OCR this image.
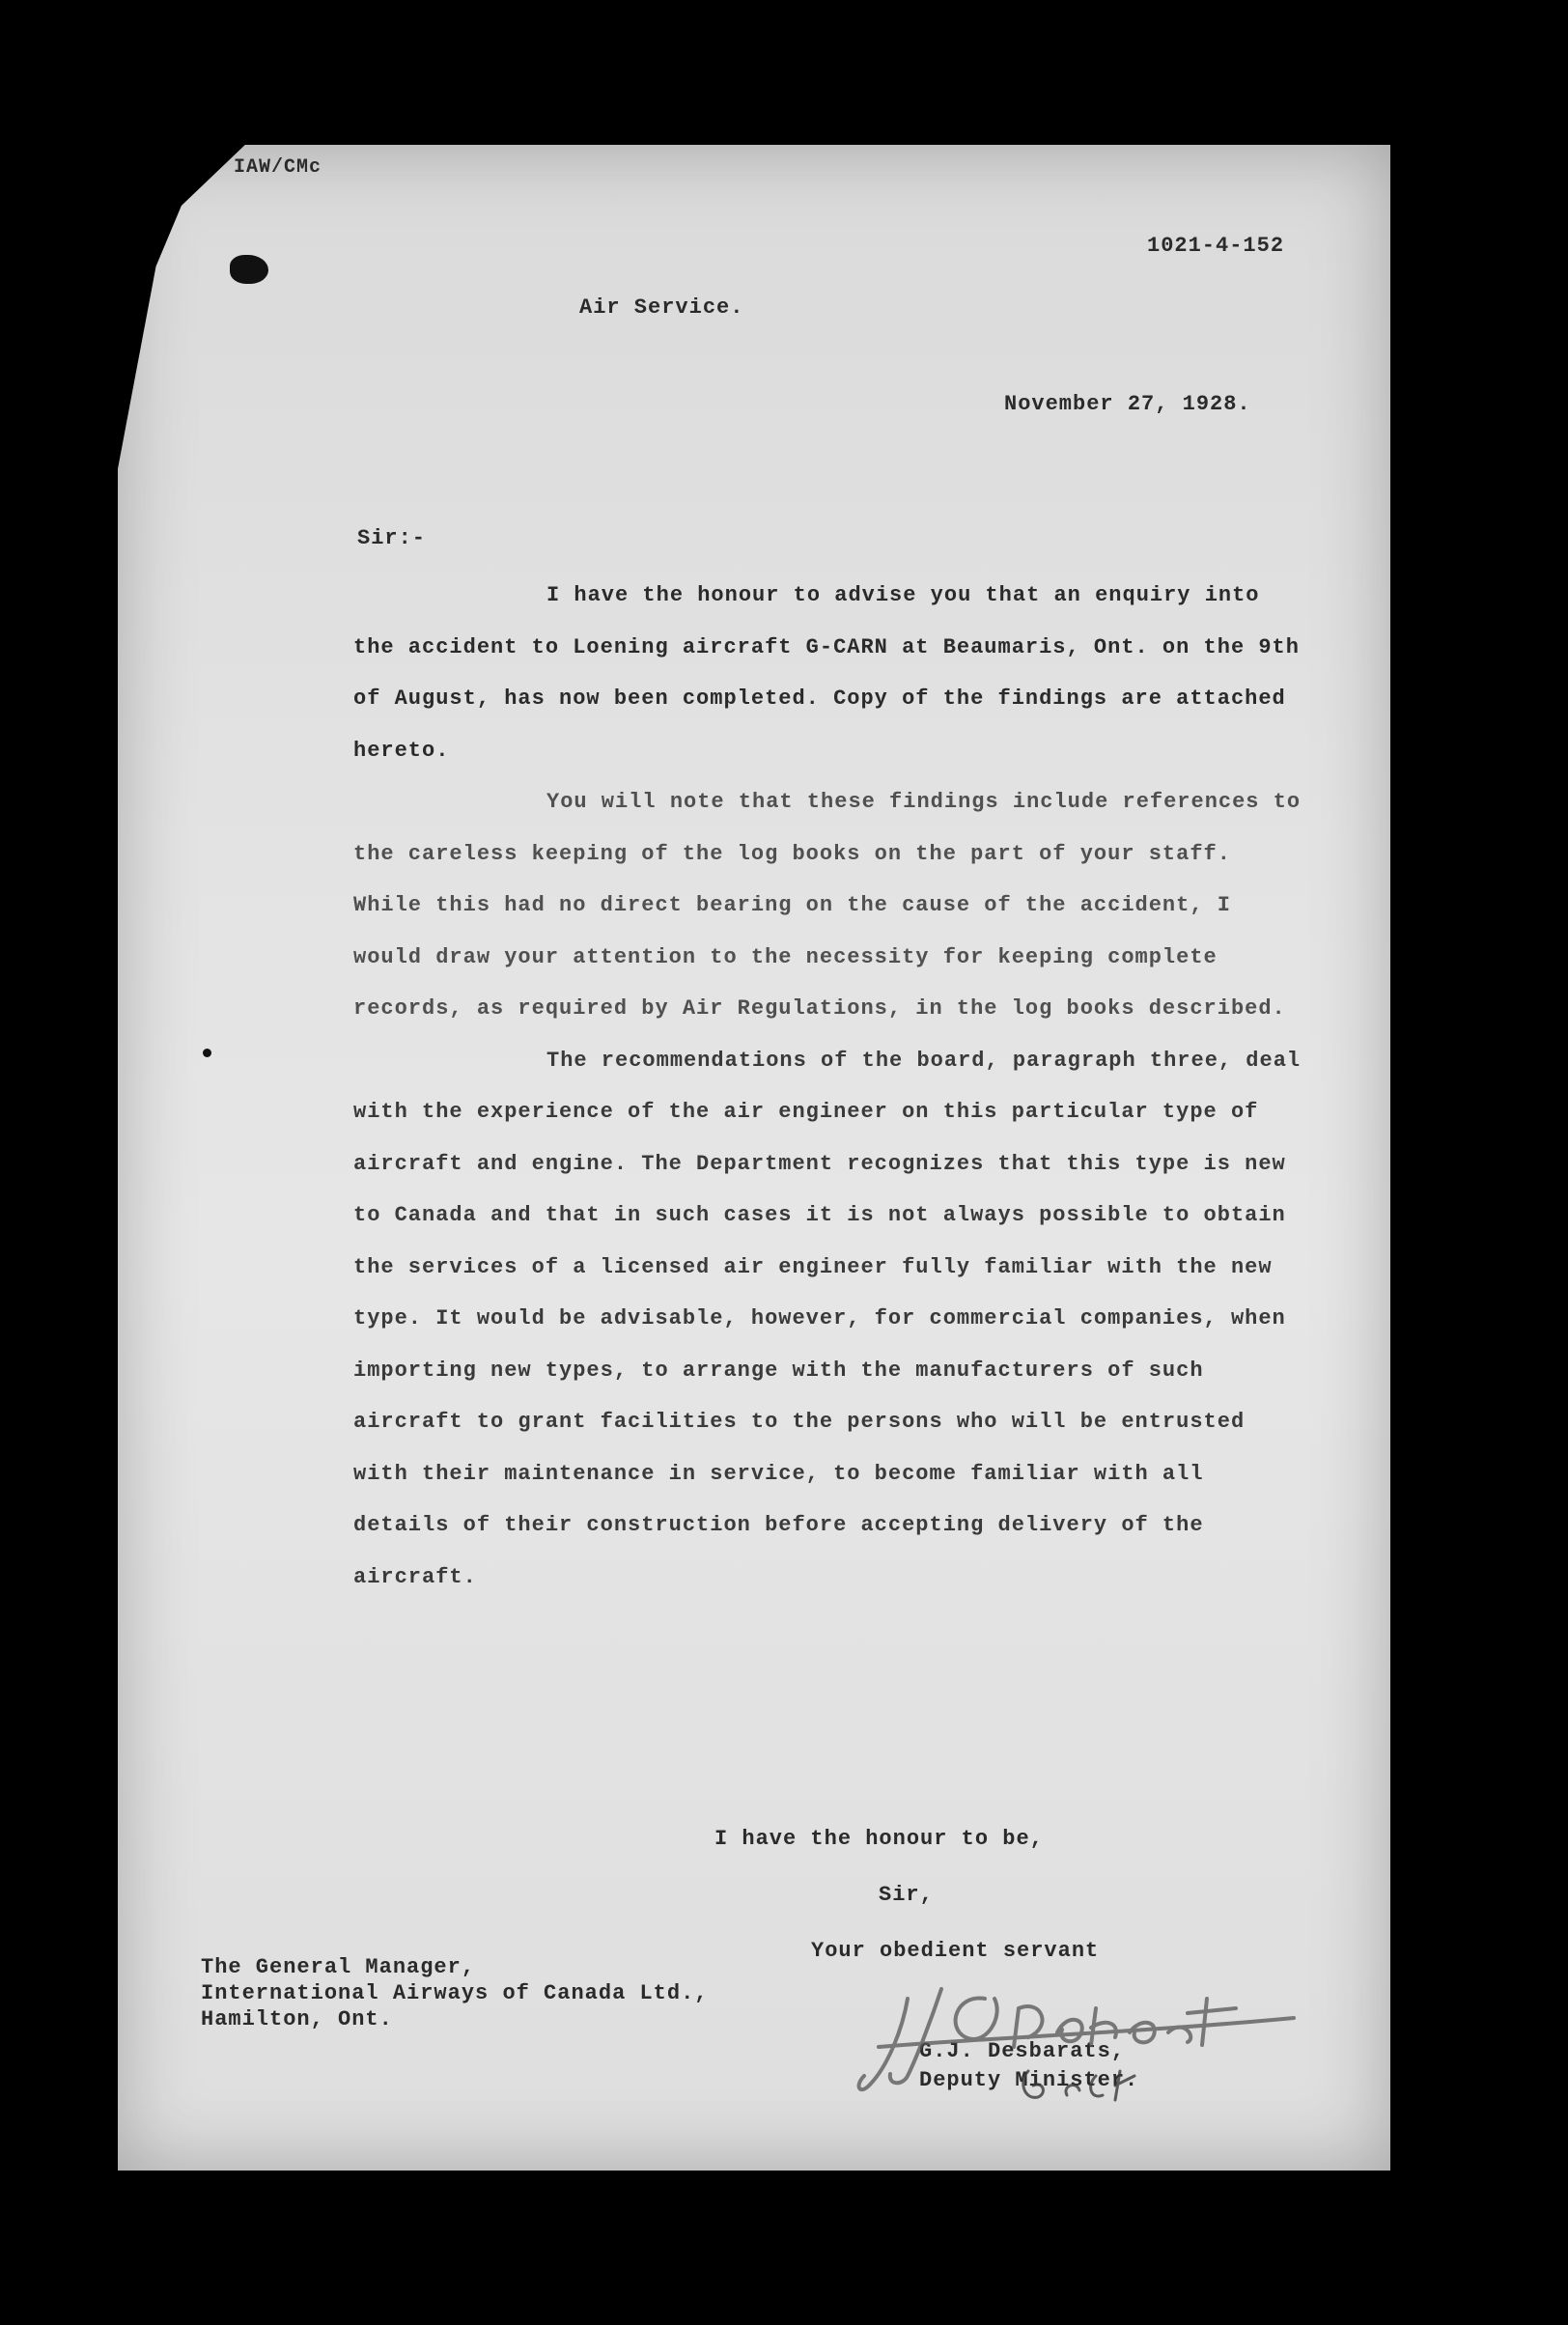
IAW/CMc
1021-4-152
Air Service.
November 27, 1928.
Sir:-

I have the honour to advise you that an enquiry into the accident to Loening aircraft G-CARN at Beaumaris, Ont. on the 9th of August, has now been completed. Copy of the findings are attached hereto.

You will note that these findings include references to the careless keeping of the log books on the part of your staff. While this had no direct bearing on the cause of the accident, I would draw your attention to the necessity for keeping complete records, as required by Air Regulations, in the log books described.

The recommendations of the board, paragraph three, deal with the experience of the air engineer on this particular type of aircraft and engine. The Department recognizes that this type is new to Canada and that in such cases it is not always possible to obtain the services of a licensed air engineer fully familiar with the new type. It would be advisable, however, for commercial companies, when importing new types, to arrange with the manufacturers of such aircraft to grant facilities to the persons who will be entrusted with their maintenance in service, to become familiar with all details of their construction before accepting delivery of the aircraft.

I have the honour to be,
Sir,
Your obedient servant
The General Manager,
International Airways of Canada Ltd.,
Hamilton, Ont.
G.J. Desbarats,
Deputy Minister.
